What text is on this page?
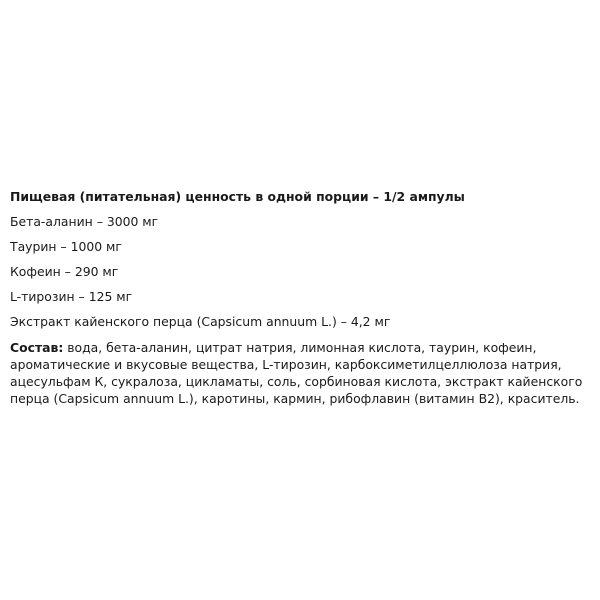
Пищевая (питательная) ценность в одной порции – 1/2 ампулы
Бета-аланин – 3000 мг
Таурин – 1000 мг
Кофеин – 290 мг
L-тирозин – 125 мг
Экстракт кайенского перца (Capsicum annuum L.) – 4,2 мг

Состав: вода, бета-аланин, цитрат натрия, лимонная кислота, таурин, кофеин, ароматические и вкусовые вещества, L-тирозин, карбоксиметилцеллюлоза натрия, ацесульфам К, сукралоза, цикламаты, соль, сорбиновая кислота, экстракт кайенского перца (Capsicum annuum L.), каротины, кармин, рибофлавин (витамин В2), краситель.
